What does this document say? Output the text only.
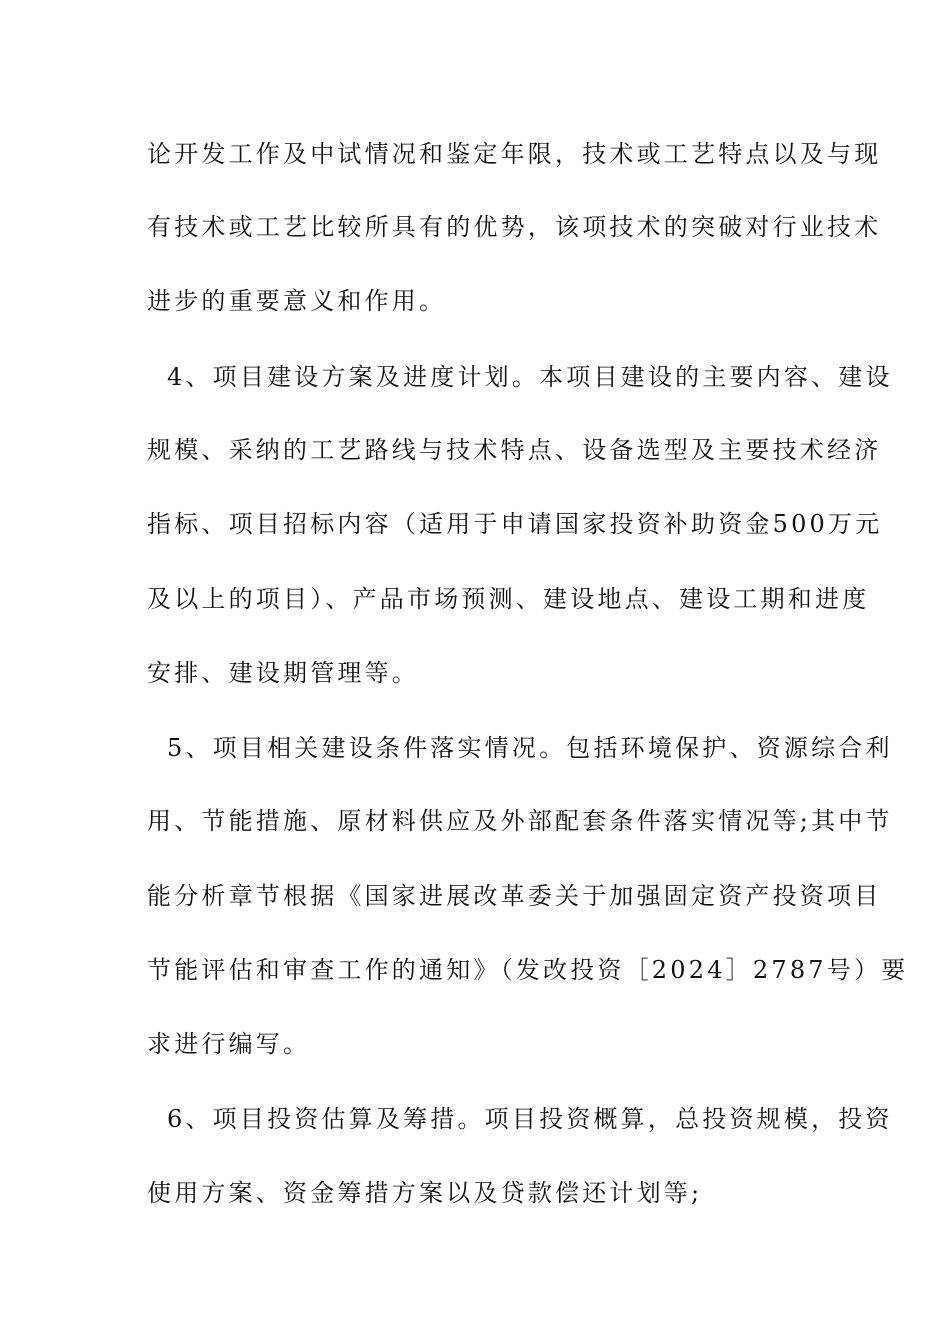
论开发工作及中试情况和鉴定年限，技术或工艺特点以及与现
有技术或工艺比较所具有的优势，该项技术的突破对行业技术
进步的重要意义和作用。
4、项目建设方案及进度计划。本项目建设的主要内容、建设
规模、采纳的工艺路线与技术特点、设备选型及主要技术经济
指标、项目招标内容（适用于申请国家投资补助资金500万元
及以上的项目）、产品市场预测、建设地点、建设工期和进度
安排、建设期管理等。
5、项目相关建设条件落实情况。包括环境保护、资源综合利
用、节能措施、原材料供应及外部配套条件落实情况等;其中节
能分析章节根据《国家进展改革委关于加强固定资产投资项目
节能评估和审查工作的通知》（发改投资［2024］2787号）要
求进行编写。
6、项目投资估算及筹措。项目投资概算，总投资规模，投资
使用方案、资金筹措方案以及贷款偿还计划等;
